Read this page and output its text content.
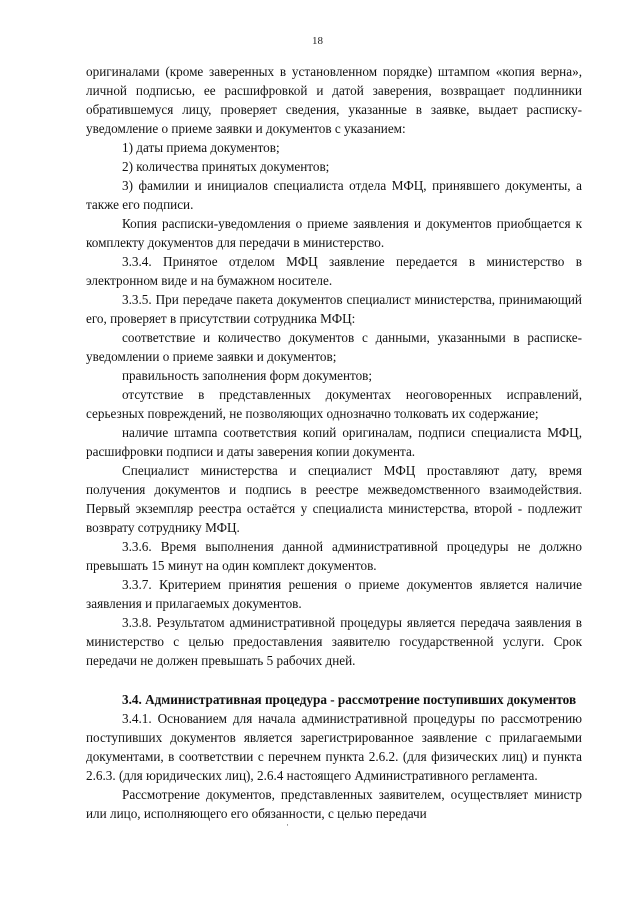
18

оригиналами (кроме заверенных в установленном порядке) штампом «копия верна», личной подписью, ее расшифровкой и датой заверения, возвращает подлинники обратившемуся лицу, проверяет сведения, указанные в заявке, выдает расписку-уведомление о приеме заявки и документов с указанием:

1) даты приема документов;

2) количества принятых документов;

3) фамилии и инициалов специалиста отдела МФЦ, принявшего документы, а также его подписи.

Копия расписки-уведомления о приеме заявления и документов приобщается к комплекту документов для передачи в министерство.

3.3.4. Принятое отделом МФЦ заявление передается в министерство в электронном виде и на бумажном носителе.

3.3.5. При передаче пакета документов специалист министерства, принимающий его, проверяет в присутствии сотрудника МФЦ:

соответствие и количество документов с данными, указанными в расписке-уведомлении о приеме заявки и документов;

правильность заполнения форм документов;

отсутствие в представленных документах неоговоренных исправлений, серьезных повреждений, не позволяющих однозначно толковать их содержание;

наличие штампа соответствия копий оригиналам, подписи специалиста МФЦ, расшифровки подписи и даты заверения копии документа.

Специалист министерства и специалист МФЦ проставляют дату, время получения документов и подпись в реестре межведомственного взаимодействия. Первый экземпляр реестра остаётся у специалиста министерства, второй - подлежит возврату сотруднику МФЦ.

3.3.6. Время выполнения данной административной процедуры не должно превышать 15 минут на один комплект документов.

3.3.7. Критерием принятия решения о приеме документов является наличие заявления и прилагаемых документов.

3.3.8. Результатом административной процедуры является передача заявления в министерство с целью предоставления заявителю государственной услуги. Срок передачи не должен превышать 5 рабочих дней.

3.4. Административная процедура - рассмотрение поступивших документов

3.4.1. Основанием для начала административной процедуры по рассмотрению поступивших документов является зарегистрированное заявление с прилагаемыми документами, в соответствии с перечнем пункта 2.6.2. (для физических лиц) и пункта 2.6.3. (для юридических лиц), 2.6.4 настоящего Административного регламента.

Рассмотрение документов, представленных заявителем, осуществляет министр или лицо, исполняющего его обязанности, с целью передачи

·
